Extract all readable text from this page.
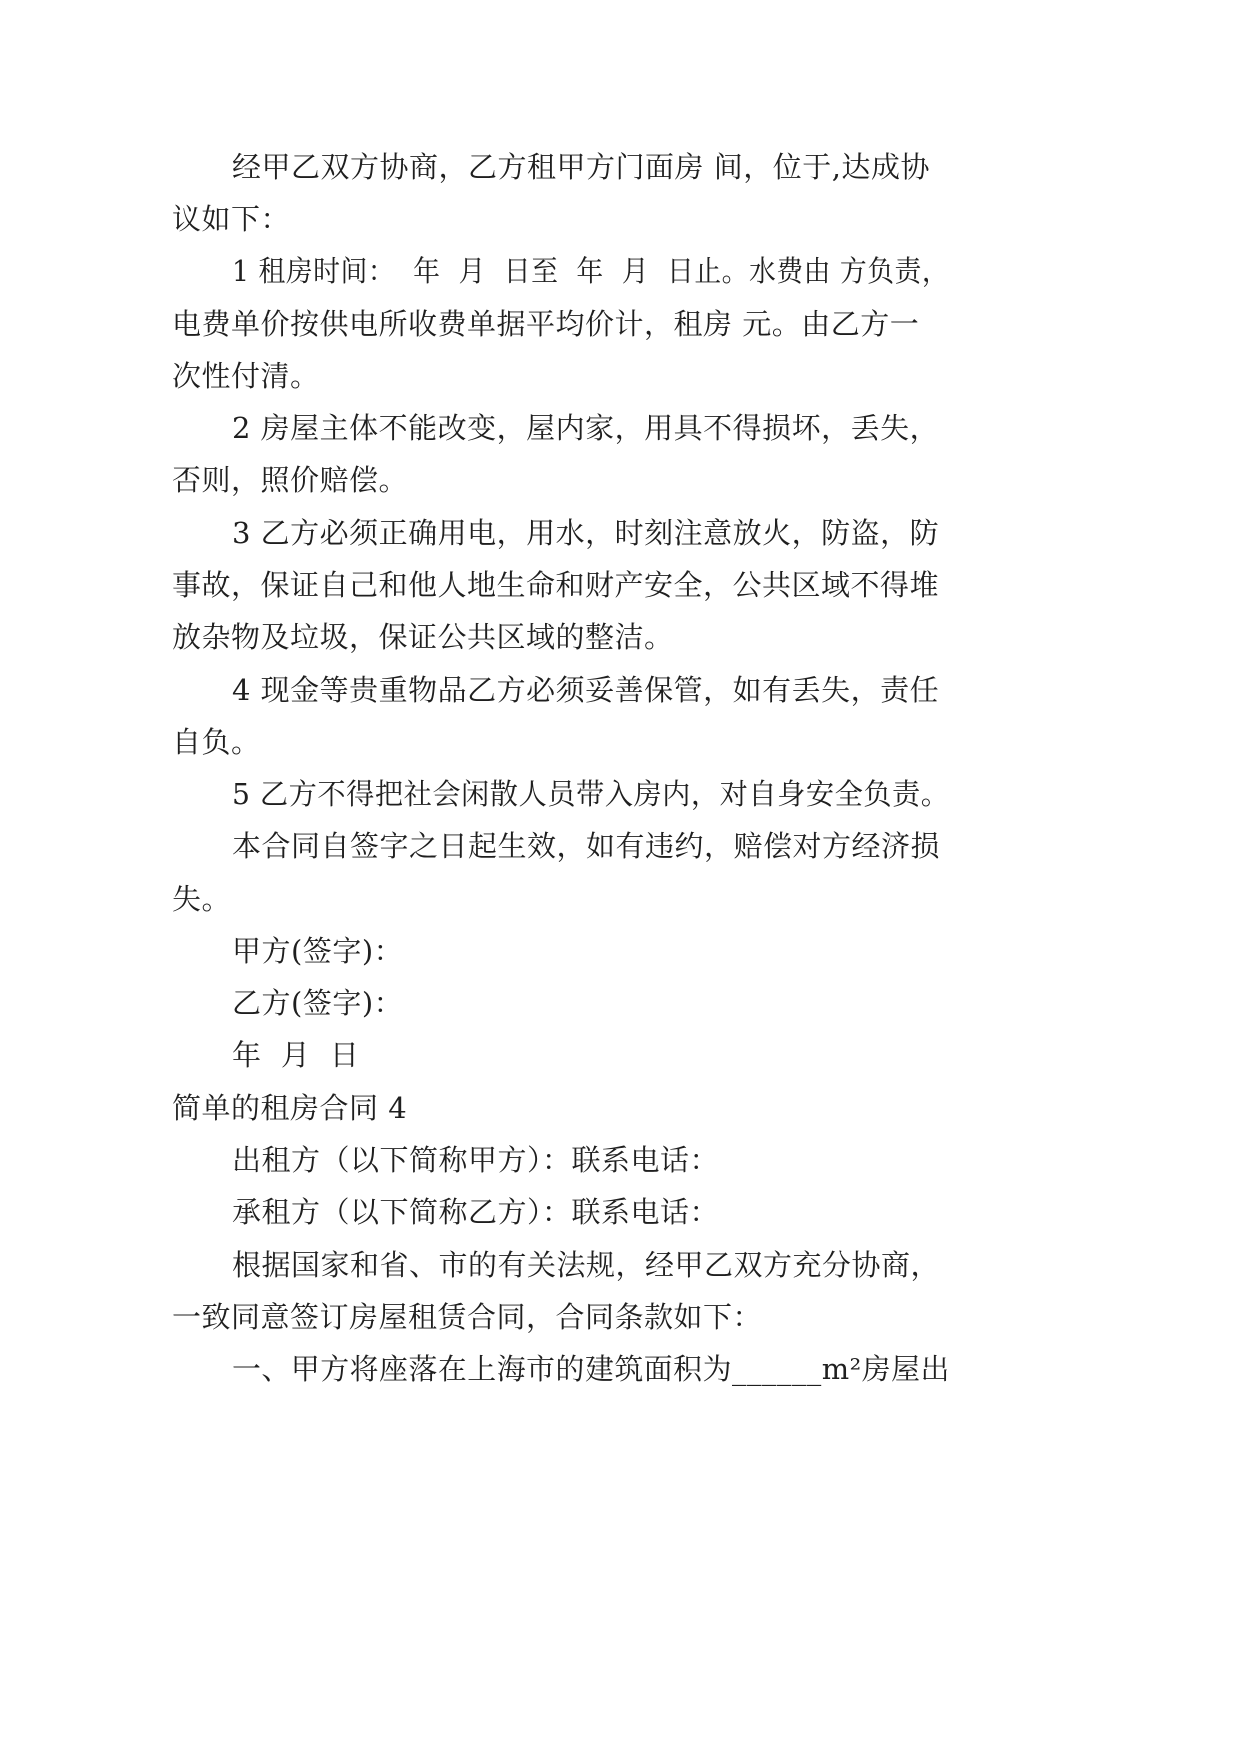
经甲乙双方协商，乙方租甲方门面房 间，位于,达成协
议如下：
1 租房时间：  年  月  日至  年  月  日止。水费由 方负责，
电费单价按供电所收费单据平均价计，租房 元。由乙方一
次性付清。
2 房屋主体不能改变，屋内家，用具不得损坏，丢失，
否则，照价赔偿。
3 乙方必须正确用电，用水，时刻注意放火，防盗，防
事故，保证自己和他人地生命和财产安全，公共区域不得堆
放杂物及垃圾，保证公共区域的整洁。
4 现金等贵重物品乙方必须妥善保管，如有丢失，责任
自负。
5 乙方不得把社会闲散人员带入房内，对自身安全负责。
本合同自签字之日起生效，如有违约，赔偿对方经济损
失。
甲方(签字)：
乙方(签字)：
年  月  日
简单的租房合同 4
出租方（以下简称甲方）：联系电话：
承租方（以下简称乙方）：联系电话：
根据国家和省、市的有关法规，经甲乙双方充分协商，
一致同意签订房屋租赁合同，合同条款如下：
一、甲方将座落在上海市的建筑面积为______m²房屋出
